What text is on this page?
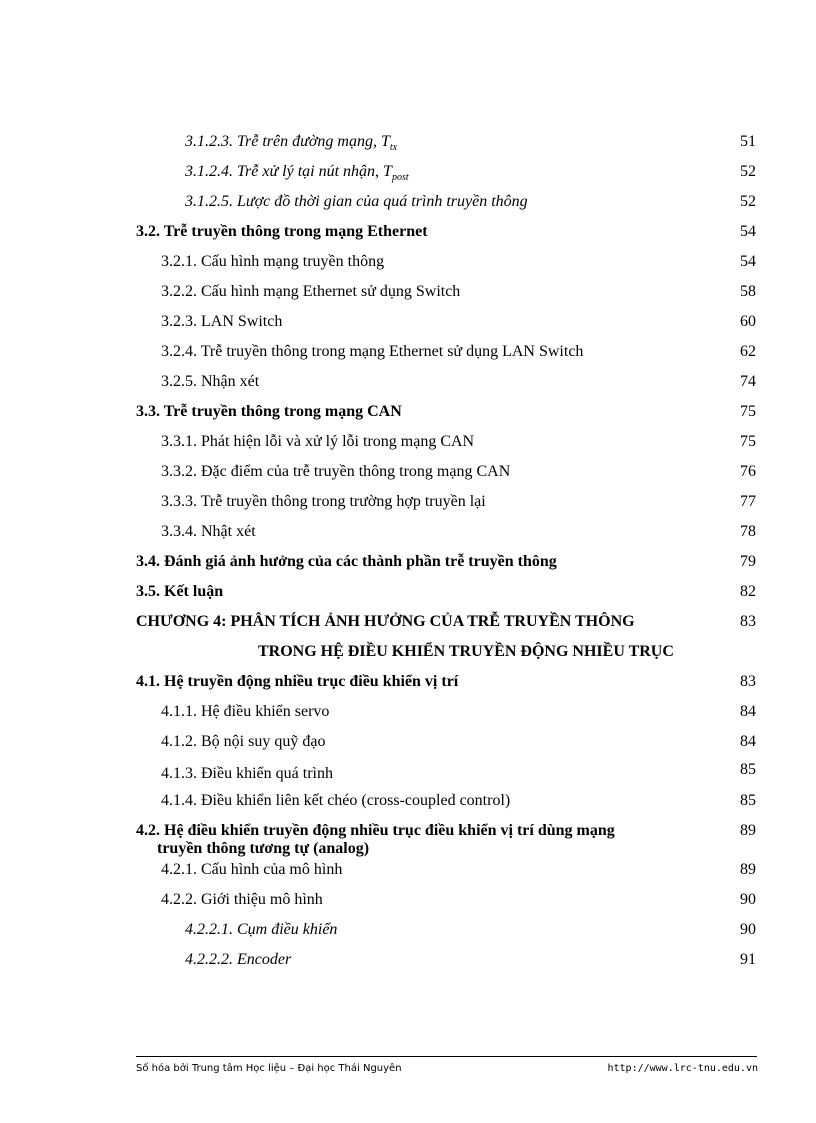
3.1.2.3. Trễ trên đường mạng, $T_{tx}$	51
3.1.2.4. Trễ xử lý tại nút nhận, $T_{post}$	52
3.1.2.5. Lược đồ thời gian của quá trình truyền thông	52
3.2. Trễ truyền thông trong mạng Ethernet	54
3.2.1. Cấu hình mạng truyền thông	54
3.2.2. Cấu hình mạng Ethernet sử dụng Switch	58
3.2.3. LAN Switch	60
3.2.4. Trễ truyền thông trong mạng Ethernet sử dụng LAN Switch	62
3.2.5. Nhận xét	74
3.3. Trễ truyền thông trong mạng CAN	75
3.3.1. Phát hiện lỗi và xử lý lỗi trong mạng CAN	75
3.3.2. Đặc điểm của trễ truyền thông trong mạng CAN	76
3.3.3. Trễ truyền thông trong trường hợp truyền lại	77
3.3.4. Nhật xét	78
3.4. Đánh giá ảnh hưởng của các thành phần trễ truyền thông	79
3.5. Kết luận	82
CHƯƠNG 4: PHÂN TÍCH ẢNH HƯỞNG CỦA TRỄ TRUYỀN THÔNG	83
TRONG HỆ ĐIỀU KHIỂN TRUYỀN ĐỘNG NHIỀU TRỤC
4.1. Hệ truyền động nhiều trục điều khiển vị trí	83
4.1.1. Hệ điều khiển servo	84
4.1.2. Bộ nội suy quỹ đạo	84
4.1.3. Điều khiển quá trình	85
4.1.4. Điều khiển liên kết chéo (cross-coupled control)	85
4.2. Hệ điều khiển truyền động nhiều trục điều khiển vị trí dùng mạng	89
truyền thông tương tự (analog)
4.2.1. Cấu hình của mô hình	89
4.2.2. Giới thiệu mô hình	90
4.2.2.1. Cụm điều khiển	90
4.2.2.2. Encoder	91
Số hóa bởi Trung tâm Học liệu – Đại học Thái Nguyên	http://www.lrc-tnu.edu.vn
